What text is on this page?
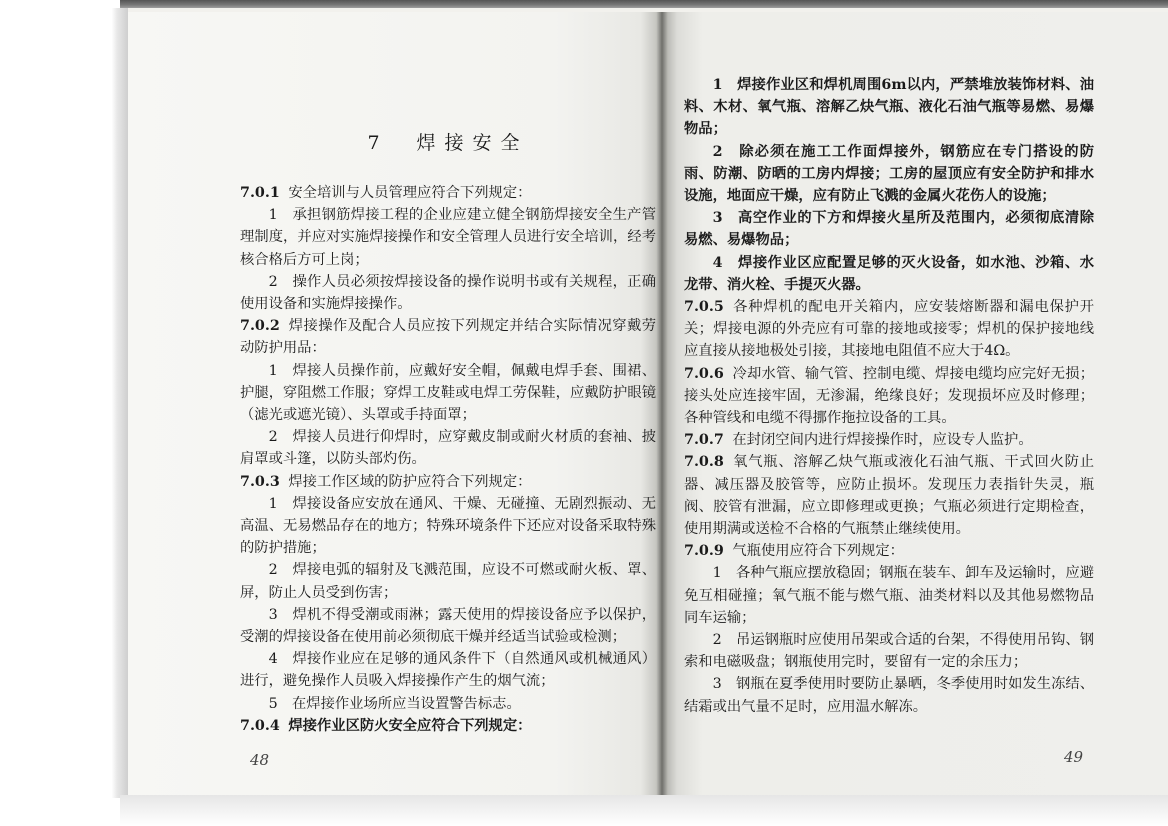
7　焊接安全

7.0.1 安全培训与人员管理应符合下列规定：

1　承担钢筋焊接工程的企业应建立健全钢筋焊接安全生产管理制度，并应对实施焊接操作和安全管理人员进行安全培训，经考核合格后方可上岗；

2　操作人员必须按焊接设备的操作说明书或有关规程，正确使用设备和实施焊接操作。

7.0.2 焊接操作及配合人员应按下列规定并结合实际情况穿戴劳动防护用品：

1　焊接人员操作前，应戴好安全帽，佩戴电焊手套、围裙、护腿，穿阻燃工作服；穿焊工皮鞋或电焊工劳保鞋，应戴防护眼镜（滤光或遮光镜）、头罩或手持面罩；

2　焊接人员进行仰焊时，应穿戴皮制或耐火材质的套袖、披肩罩或斗篷，以防头部灼伤。

7.0.3 焊接工作区域的防护应符合下列规定：

1　焊接设备应安放在通风、干燥、无碰撞、无剧烈振动、无高温、无易燃品存在的地方；特殊环境条件下还应对设备采取特殊的防护措施；

2　焊接电弧的辐射及飞溅范围，应设不可燃或耐火板、罩、屏，防止人员受到伤害；

3　焊机不得受潮或雨淋；露天使用的焊接设备应予以保护，受潮的焊接设备在使用前必须彻底干燥并经适当试验或检测；

4　焊接作业应在足够的通风条件下（自然通风或机械通风）进行，避免操作人员吸入焊接操作产生的烟气流；

5　在焊接作业场所应当设置警告标志。

7.0.4 焊接作业区防火安全应符合下列规定：

1　焊接作业区和焊机周围6m以内，严禁堆放装饰材料、油料、木材、氧气瓶、溶解乙炔气瓶、液化石油气瓶等易燃、易爆物品；

2　除必须在施工工作面焊接外，钢筋应在专门搭设的防雨、防潮、防晒的工房内焊接；工房的屋顶应有安全防护和排水设施，地面应干燥，应有防止飞溅的金属火花伤人的设施；

3　高空作业的下方和焊接火星所及范围内，必须彻底清除易燃、易爆物品；

4　焊接作业区应配置足够的灭火设备，如水池、沙箱、水龙带、消火栓、手提灭火器。

7.0.5 各种焊机的配电开关箱内，应安装熔断器和漏电保护开关；焊接电源的外壳应有可靠的接地或接零；焊机的保护接地线应直接从接地极处引接，其接地电阻值不应大于4Ω。

7.0.6 冷却水管、输气管、控制电缆、焊接电缆均应完好无损；接头处应连接牢固，无渗漏，绝缘良好；发现损坏应及时修理；各种管线和电缆不得挪作拖拉设备的工具。

7.0.7 在封闭空间内进行焊接操作时，应设专人监护。

7.0.8 氧气瓶、溶解乙炔气瓶或液化石油气瓶、干式回火防止器、减压器及胶管等，应防止损坏。发现压力表指针失灵，瓶阀、胶管有泄漏，应立即修理或更换；气瓶必须进行定期检查，使用期满或送检不合格的气瓶禁止继续使用。

7.0.9 气瓶使用应符合下列规定：

1　各种气瓶应摆放稳固；钢瓶在装车、卸车及运输时，应避免互相碰撞；氧气瓶不能与燃气瓶、油类材料以及其他易燃物品同车运输；

2　吊运钢瓶时应使用吊架或合适的台架，不得使用吊钩、钢索和电磁吸盘；钢瓶使用完时，要留有一定的余压力；

3　钢瓶在夏季使用时要防止暴晒，冬季使用时如发生冻结、结霜或出气量不足时，应用温水解冻。

48	49
